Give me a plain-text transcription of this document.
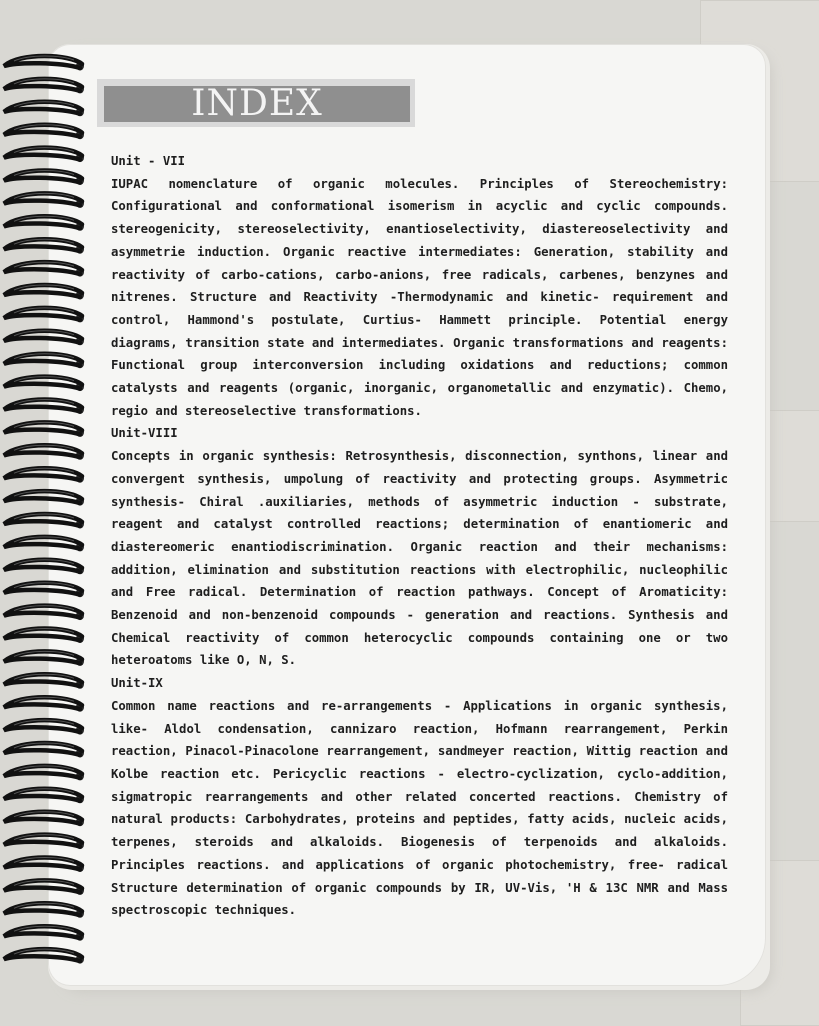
INDEX

Unit - VII

IUPAC nomenclature of organic molecules. Principles of Stereochemistry: Configurational and conformational isomerism in acyclic and cyclic compounds. stereogenicity, stereoselectivity, enantioselectivity, diastereoselectivity and asymmetrie induction. Organic reactive intermediates: Generation, stability and reactivity of carbo-cations, carbo-anions, free radicals, carbenes, benzynes and nitrenes. Structure and Reactivity -Thermodynamic and kinetic- requirement and control, Hammond's postulate, Curtius- Hammett principle. Potential energy diagrams, transition state and intermediates. Organic transformations and reagents: Functional group interconversion including oxidations and reductions; common catalysts and reagents (organic, inorganic, organometallic and enzymatic). Chemo, regio and stereoselective transformations.

Unit-VIII

Concepts in organic synthesis: Retrosynthesis, disconnection, synthons, linear and convergent synthesis, umpolung of reactivity and protecting groups. Asymmetric synthesis- Chiral .auxiliaries, methods of asymmetric induction - substrate, reagent and catalyst controlled reactions; determination of enantiomeric and diastereomeric enantiodiscrimination. Organic reaction and their mechanisms: addition, elimination and substitution reactions with electrophilic, nucleophilic and Free radical. Determination of reaction pathways. Concept of Aromaticity: Benzenoid and non-benzenoid compounds - generation and reactions. Synthesis and Chemical reactivity of common heterocyclic compounds containing one or two heteroatoms like O, N, S.

Unit-IX

Common name reactions and re-arrangements - Applications in organic synthesis, like- Aldol condensation, cannizaro reaction, Hofmann rearrangement, Perkin reaction, Pinacol-Pinacolone rearrangement, sandmeyer reaction, Wittig reaction and Kolbe reaction etc. Pericyclic reactions - electro-cyclization, cyclo-addition, sigmatropic rearrangements and other related concerted reactions. Chemistry of natural products: Carbohydrates, proteins and peptides, fatty acids, nucleic acids, terpenes, steroids and alkaloids. Biogenesis of terpenoids and alkaloids. Principles reactions. and applications of organic photochemistry, free- radical Structure determination of organic compounds by IR, UV-Vis, 'H & 13C NMR and Mass spectroscopic techniques.
